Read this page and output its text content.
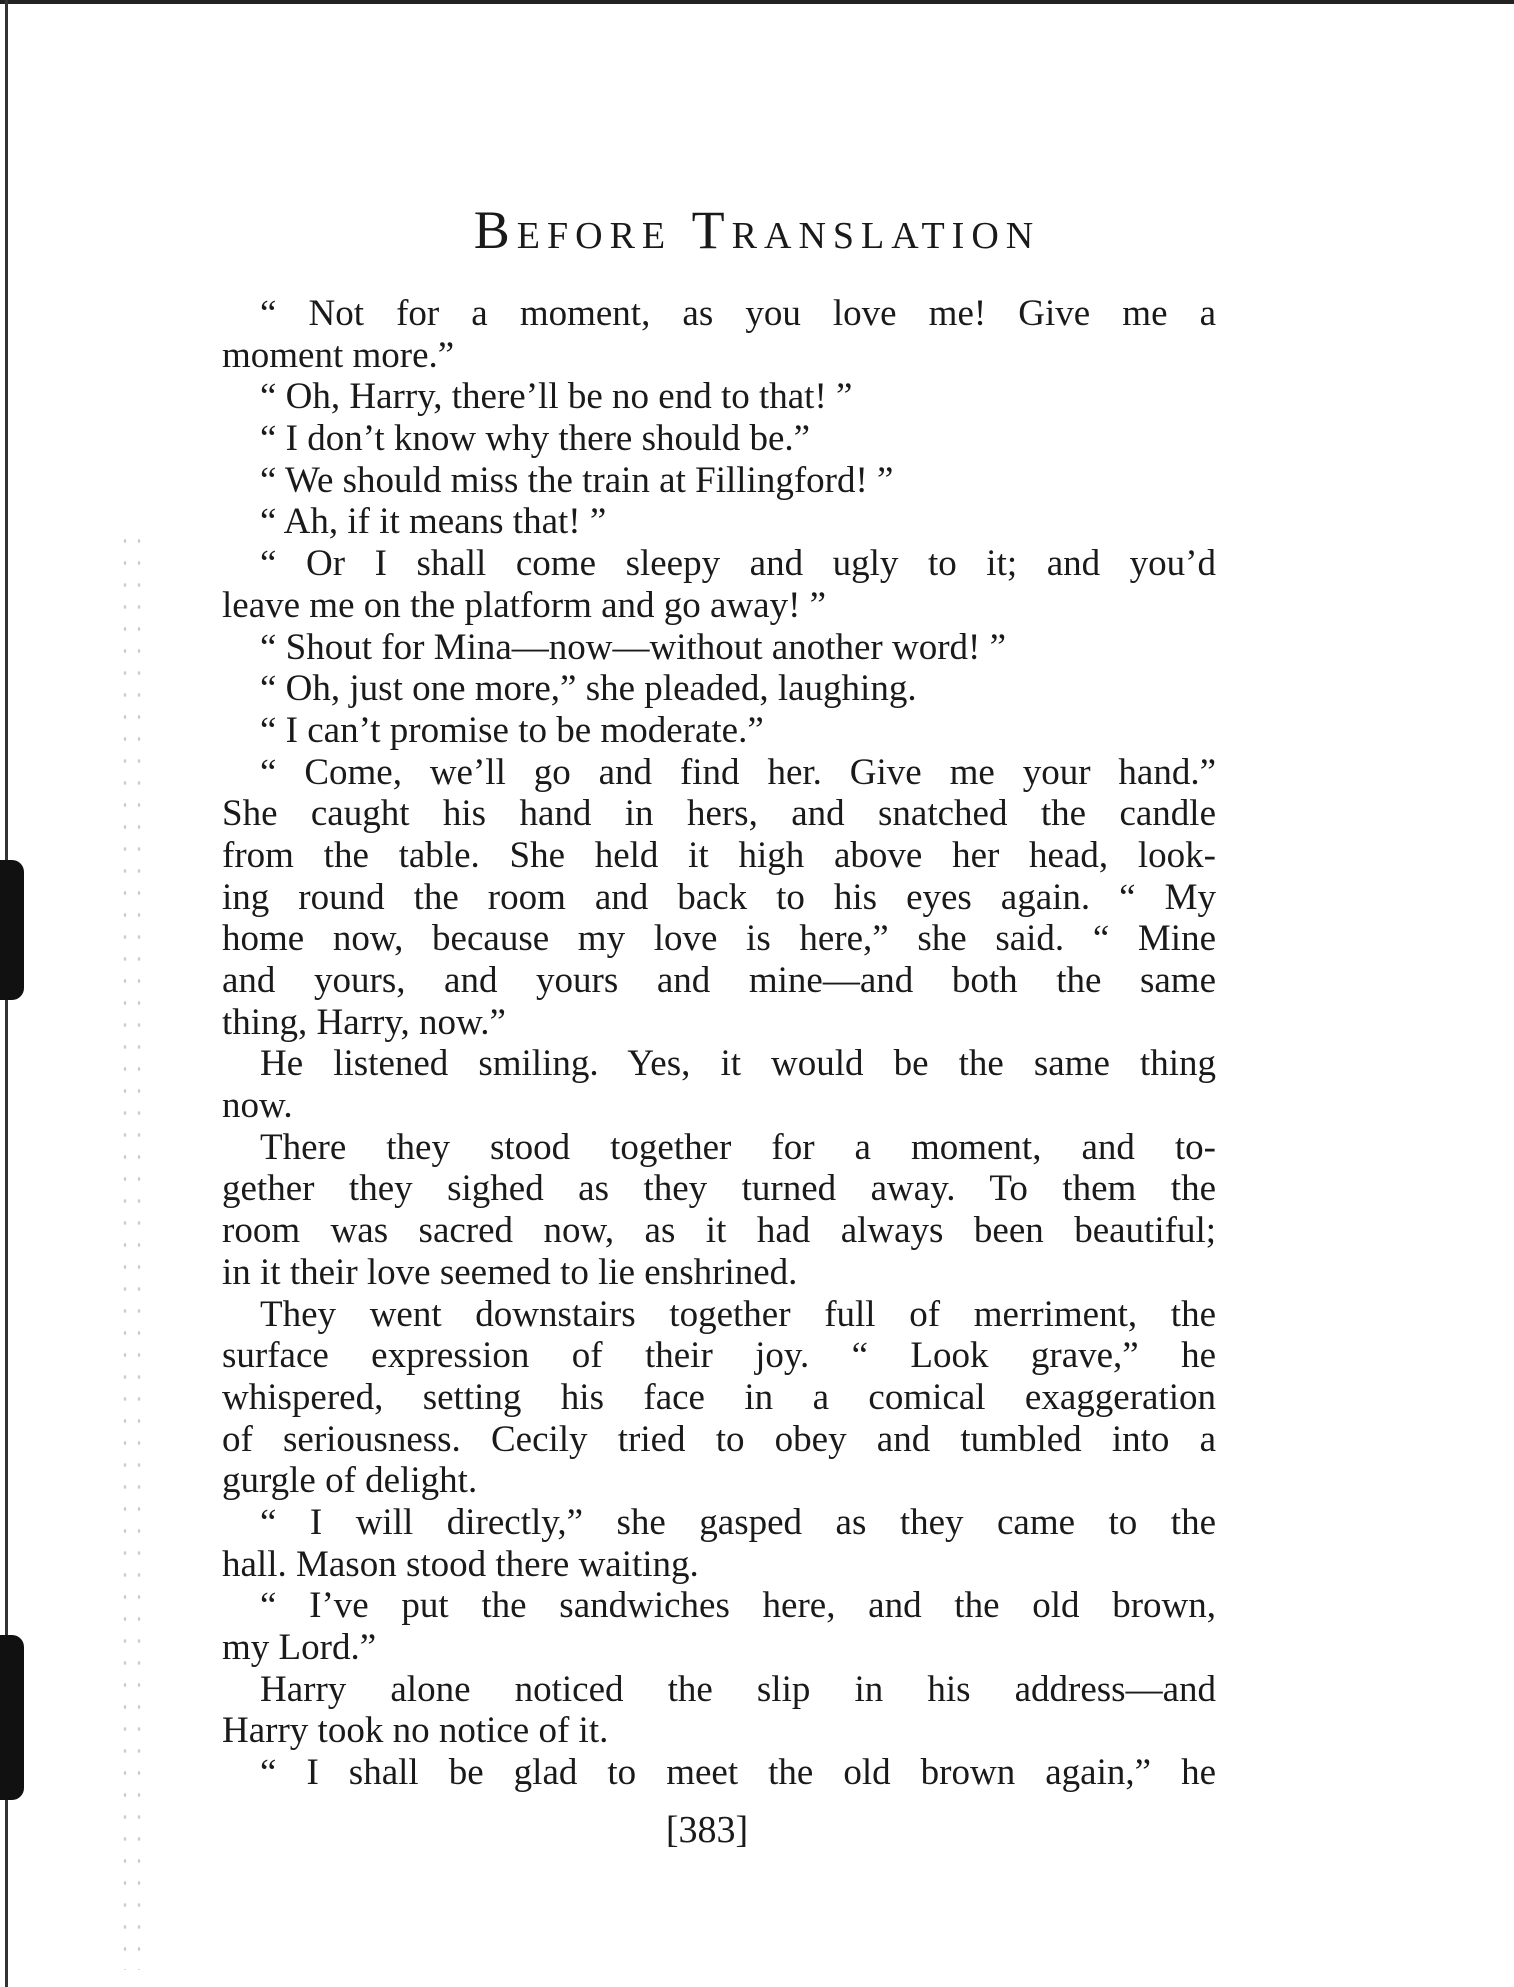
Before Translation
“ Not for a moment, as you love me! Give me a
moment more.”
“ Oh, Harry, there’ll be no end to that! ”
“ I don’t know why there should be.”
“ We should miss the train at Fillingford! ”
“ Ah, if it means that! ”
“ Or I shall come sleepy and ugly to it; and you’d
leave me on the platform and go away! ”
“ Shout for Mina—now—without another word! ”
“ Oh, just one more,” she pleaded, laughing.
“ I can’t promise to be moderate.”
“ Come, we’ll go and find her. Give me your hand.”
She caught his hand in hers, and snatched the candle
from the table. She held it high above her head, look-
ing round the room and back to his eyes again. “ My
home now, because my love is here,” she said. “ Mine
and yours, and yours and mine—and both the same
thing, Harry, now.”
He listened smiling. Yes, it would be the same thing
now.
There they stood together for a moment, and to-
gether they sighed as they turned away. To them the
room was sacred now, as it had always been beautiful;
in it their love seemed to lie enshrined.
They went downstairs together full of merriment, the
surface expression of their joy. “ Look grave,” he
whispered, setting his face in a comical exaggeration
of seriousness. Cecily tried to obey and tumbled into a
gurgle of delight.
“ I will directly,” she gasped as they came to the
hall. Mason stood there waiting.
“ I’ve put the sandwiches here, and the old brown,
my Lord.”
Harry alone noticed the slip in his address—and
Harry took no notice of it.
“ I shall be glad to meet the old brown again,” he
[383]
